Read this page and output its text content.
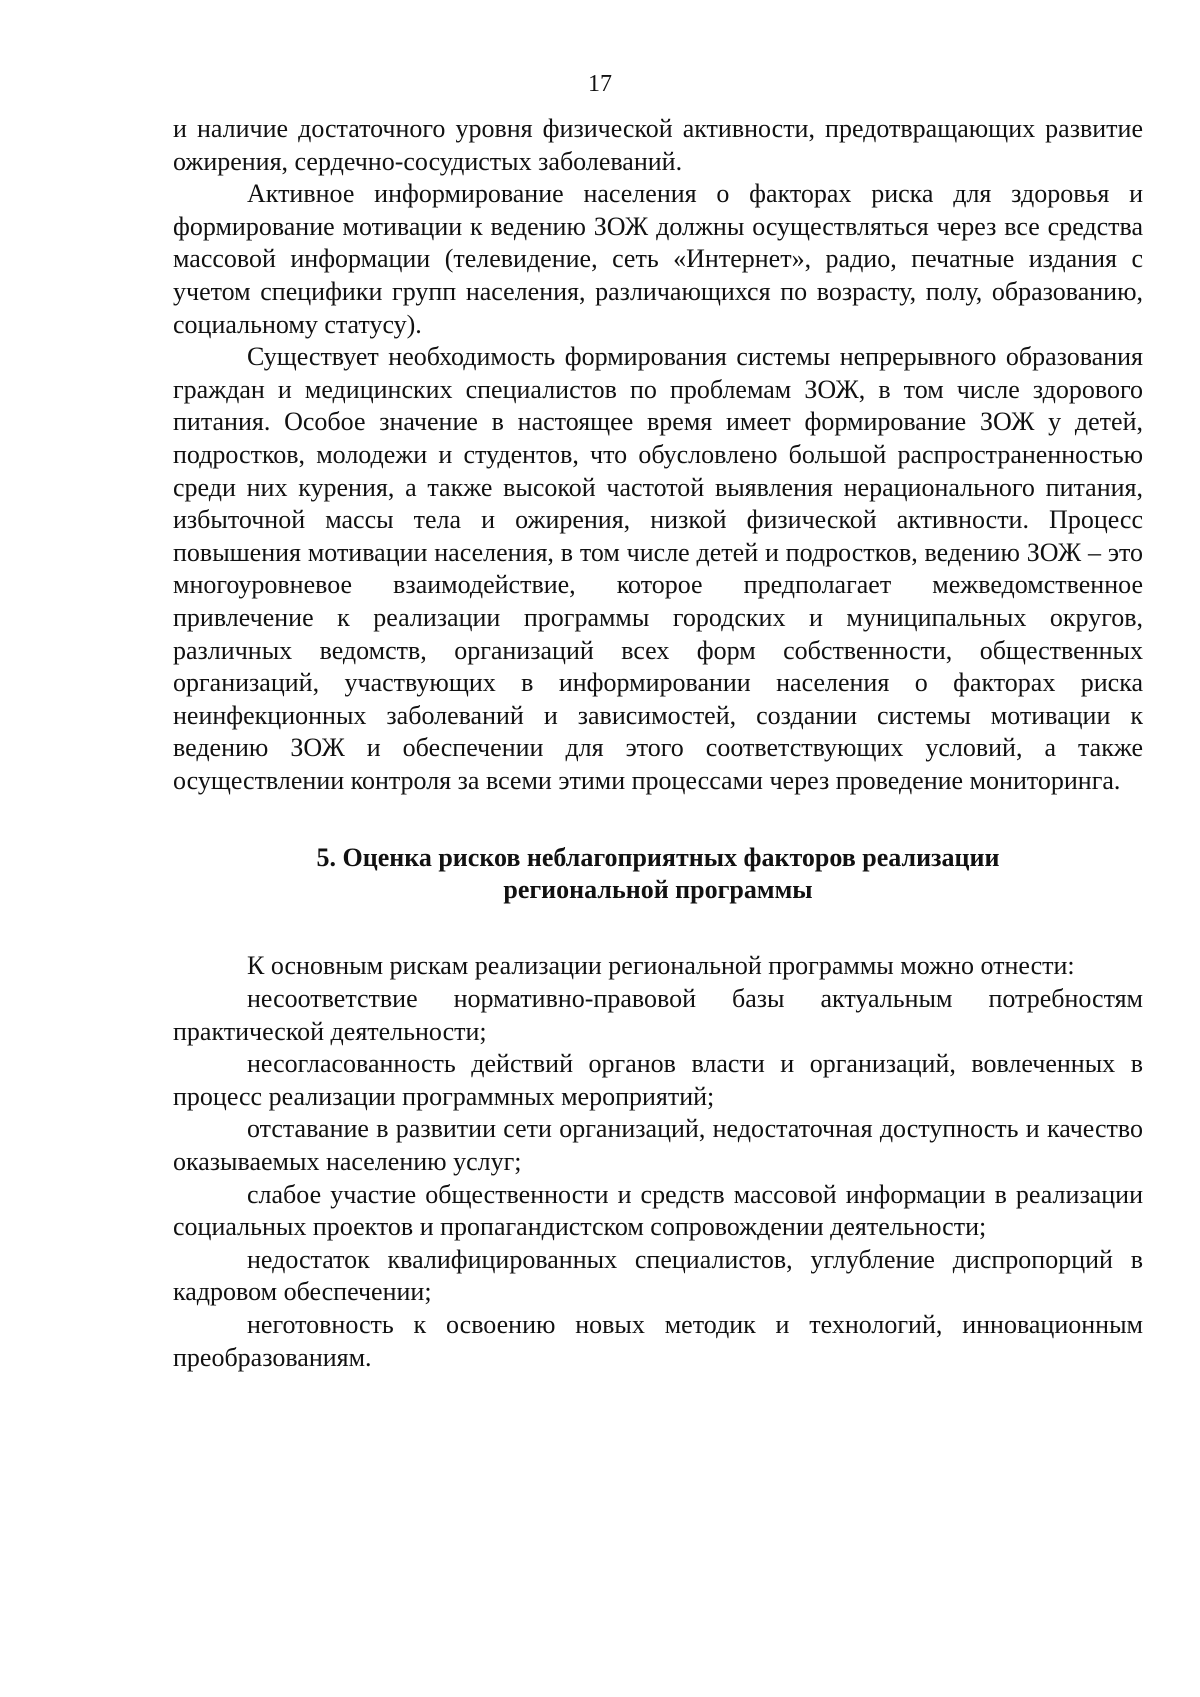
17

и наличие достаточного уровня физической активности, предотвращающих развитие ожирения, сердечно-сосудистых заболеваний.

Активное информирование населения о факторах риска для здоровья и формирование мотивации к ведению ЗОЖ должны осуществляться через все средства массовой информации (телевидение, сеть «Интернет», радио, печатные издания с учетом специфики групп населения, различающихся по возрасту, полу, образованию, социальному статусу).

Существует необходимость формирования системы непрерывного образования граждан и медицинских специалистов по проблемам ЗОЖ, в том числе здорового питания. Особое значение в настоящее время имеет формирование ЗОЖ у детей, подростков, молодежи и студентов, что обусловлено большой распространенностью среди них курения, а также высокой частотой выявления нерационального питания, избыточной массы тела и ожирения, низкой физической активности. Процесс повышения мотивации населения, в том числе детей и подростков, ведению ЗОЖ – это многоуровневое взаимодействие, которое предполагает межведомственное привлечение к реализации программы городских и муниципальных округов, различных ведомств, организаций всех форм собственности, общественных организаций, участвующих в информировании населения о факторах риска неинфекционных заболеваний и зависимостей, создании системы мотивации к ведению ЗОЖ и обеспечении для этого соответствующих условий, а также осуществлении контроля за всеми этими процессами через проведение мониторинга.

5. Оценка рисков неблагоприятных факторов реализации
региональной программы

К основным рискам реализации региональной программы можно отнести:

несоответствие нормативно-правовой базы актуальным потребностям практической деятельности;

несогласованность действий органов власти и организаций, вовлеченных в процесс реализации программных мероприятий;

отставание в развитии сети организаций, недостаточная доступность и качество оказываемых населению услуг;

слабое участие общественности и средств массовой информации в реализации социальных проектов и пропагандистском сопровождении деятельности;

недостаток квалифицированных специалистов, углубление диспропорций в кадровом обеспечении;

неготовность к освоению новых методик и технологий, инновационным преобразованиям.
